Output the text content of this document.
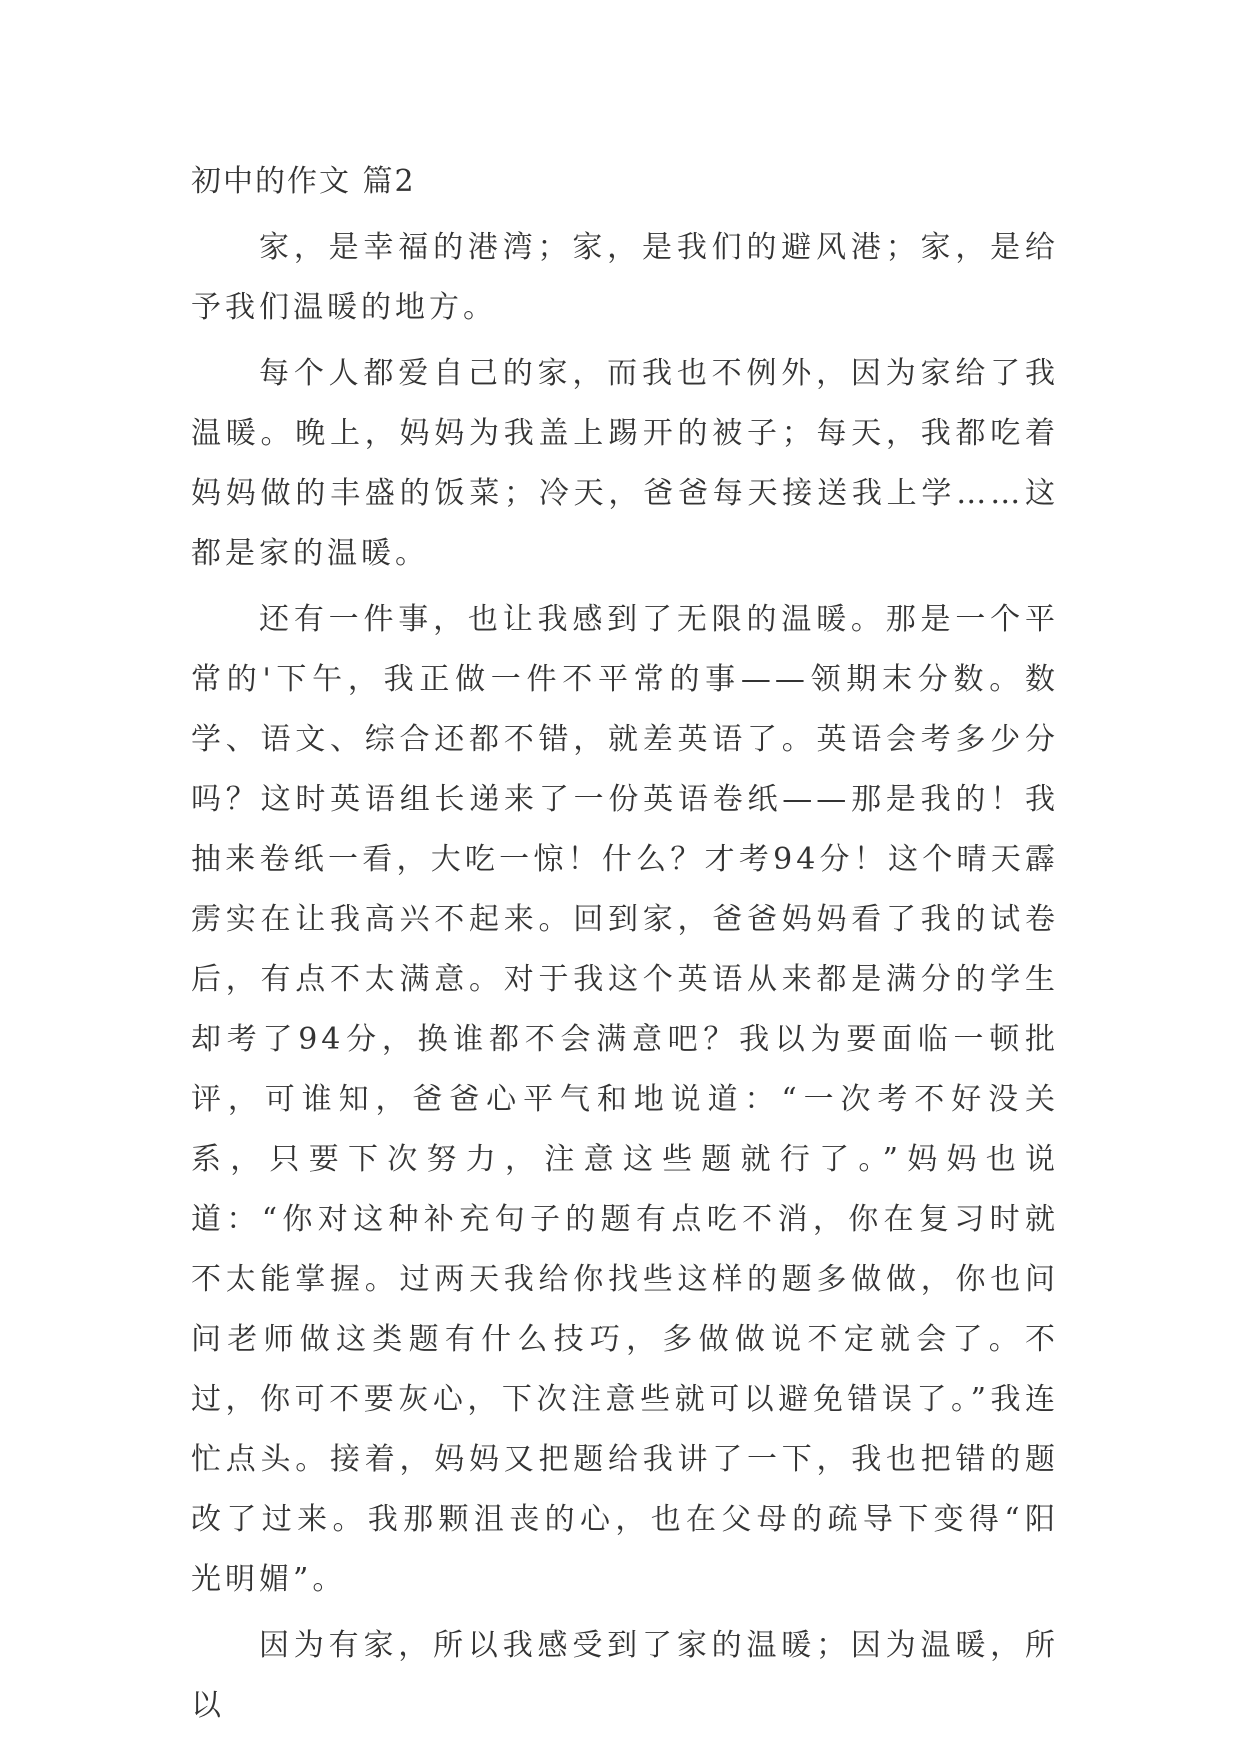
初中的作文 篇2

家，是幸福的港湾；家，是我们的避风港；家，是给予我们温暖的地方。

每个人都爱自己的家，而我也不例外，因为家给了我温暖。晚上，妈妈为我盖上踢开的被子；每天，我都吃着妈妈做的丰盛的饭菜；冷天，爸爸每天接送我上学……这都是家的温暖。

还有一件事，也让我感到了无限的温暖。那是一个平常的'下午，我正做一件不平常的事——领期末分数。数学、语文、综合还都不错，就差英语了。英语会考多少分吗？这时英语组长递来了一份英语卷纸——那是我的！我抽来卷纸一看，大吃一惊！什么？才考94分！这个晴天霹雳实在让我高兴不起来。回到家，爸爸妈妈看了我的试卷后，有点不太满意。对于我这个英语从来都是满分的学生却考了94分，换谁都不会满意吧？我以为要面临一顿批评，可谁知，爸爸心平气和地说道：“一次考不好没关系，只要下次努力，注意这些题就行了。”妈妈也说道：“你对这种补充句子的题有点吃不消，你在复习时就不太能掌握。过两天我给你找些这样的题多做做，你也问问老师做这类题有什么技巧，多做做说不定就会了。不过，你可不要灰心，下次注意些就可以避免错误了。”我连忙点头。接着，妈妈又把题给我讲了一下，我也把错的题改了过来。我那颗沮丧的心，也在父母的疏导下变得“阳光明媚”。

因为有家，所以我感受到了家的温暖；因为温暖，所以
